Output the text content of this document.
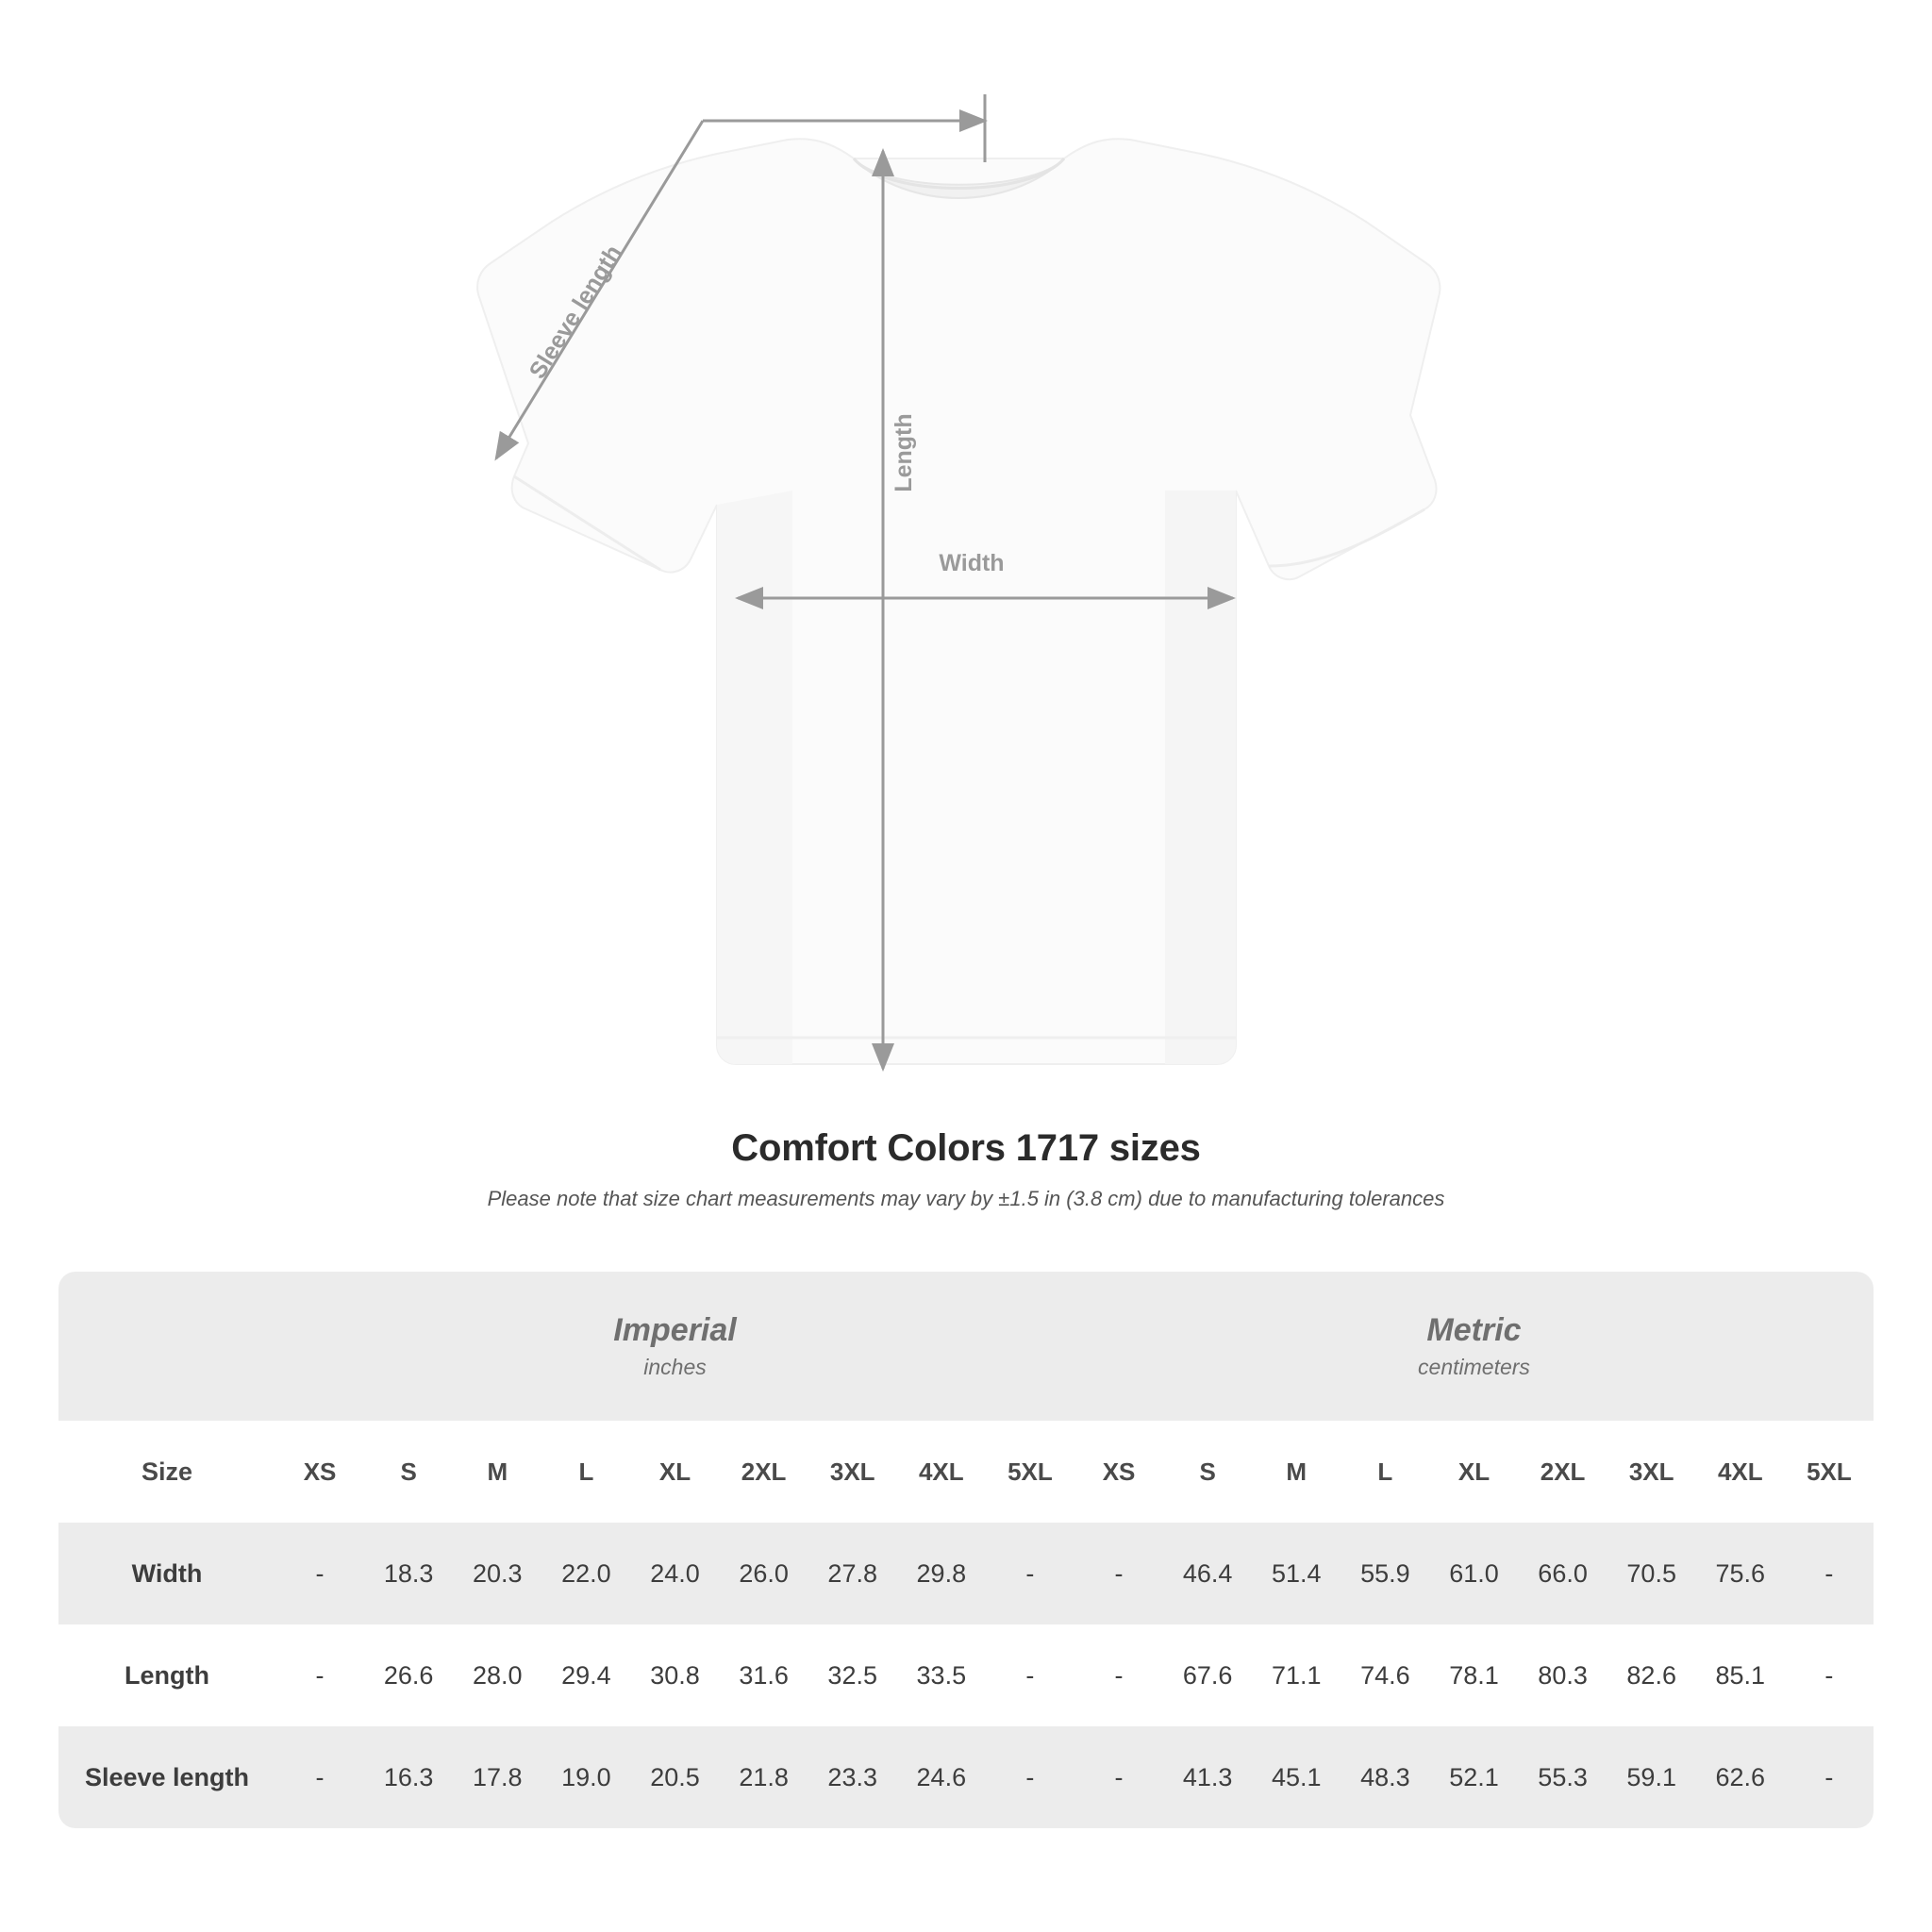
Length
Width
Sleeve length
Comfort Colors 1717 sizes
Please note that size chart measurements may vary by ±1.5 in (3.8 cm) due to manufacturing tolerances

Imperial
inches

Metric
centimeters

Size	XS	S	M	L	XL	2XL	3XL	4XL	5XL	XS	S	M	L	XL	2XL	3XL	4XL	5XL
Width	-	18.3	20.3	22.0	24.0	26.0	27.8	29.8	-	-	46.4	51.4	55.9	61.0	66.0	70.5	75.6	-
Length	-	26.6	28.0	29.4	30.8	31.6	32.5	33.5	-	-	67.6	71.1	74.6	78.1	80.3	82.6	85.1	-
Sleeve length	-	16.3	17.8	19.0	20.5	21.8	23.3	24.6	-	-	41.3	45.1	48.3	52.1	55.3	59.1	62.6	-
